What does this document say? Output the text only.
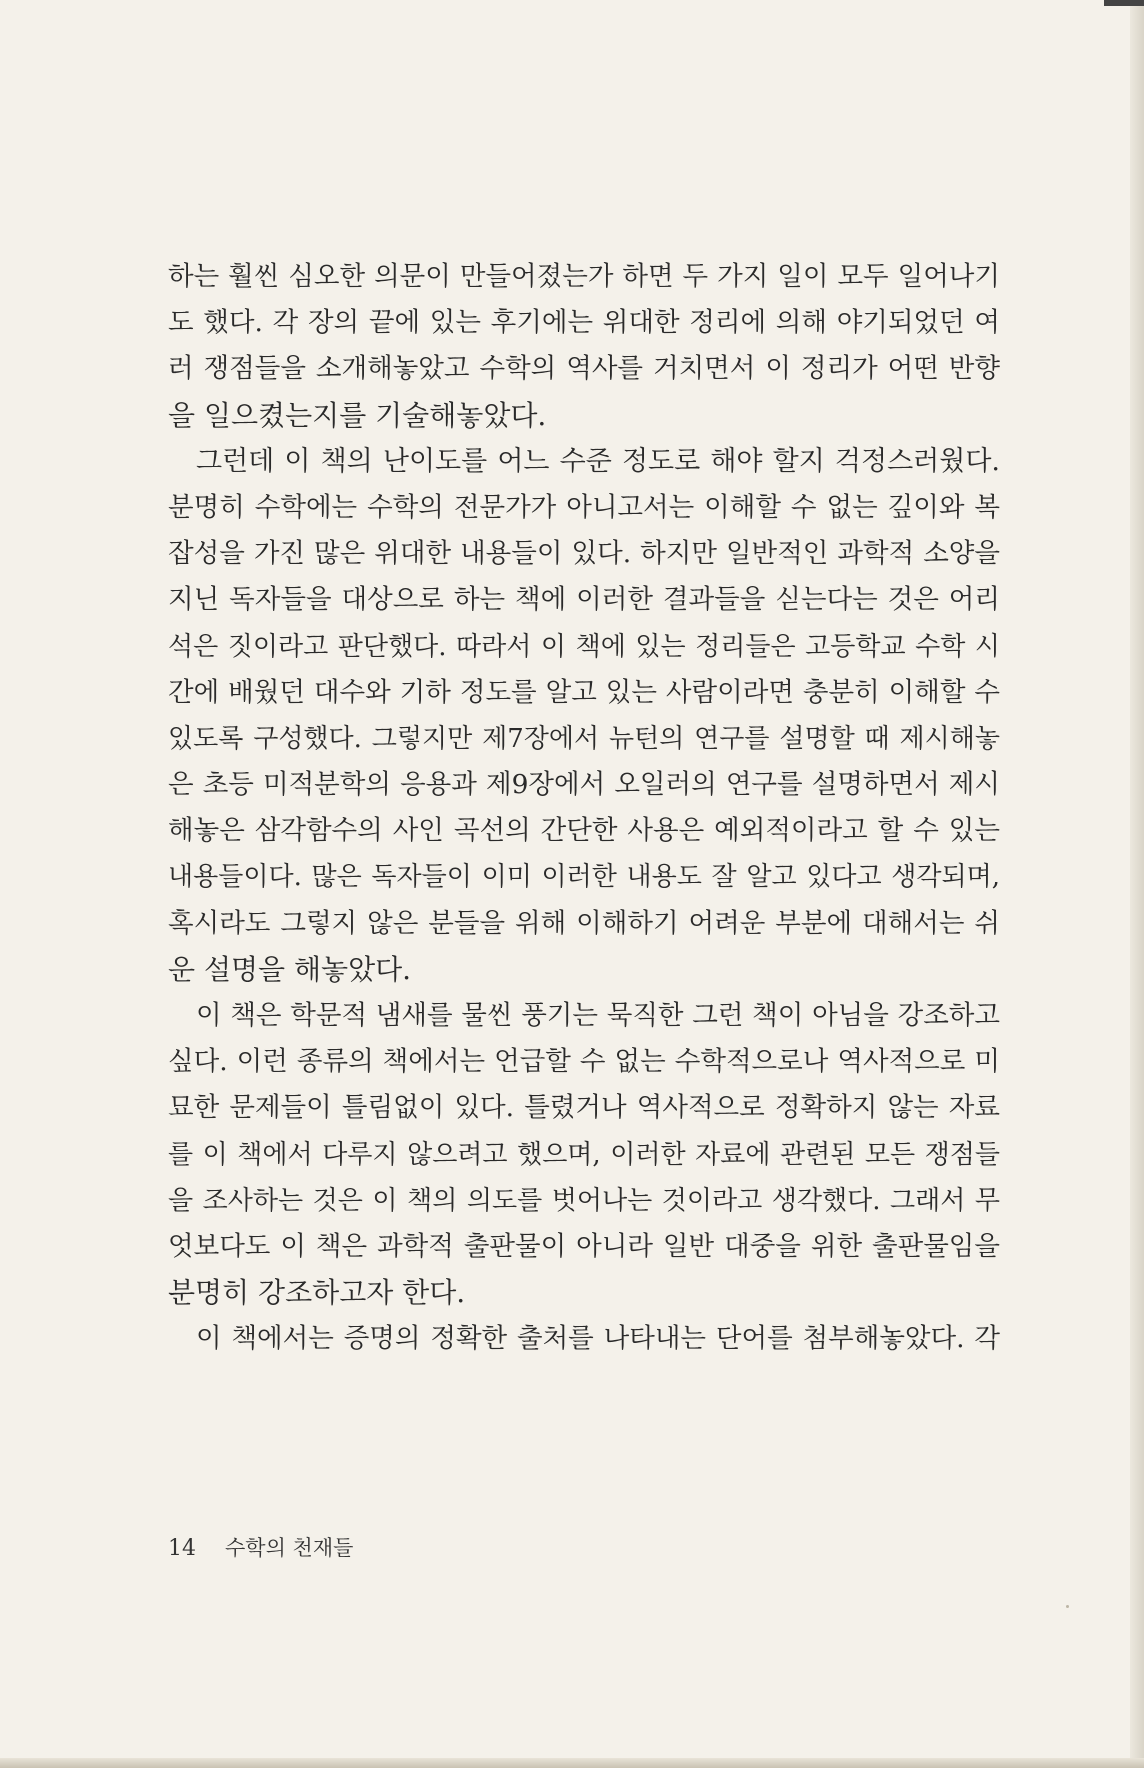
하는 훨씬 심오한 의문이 만들어졌는가 하면 두 가지 일이 모두 일어나기
도 했다. 각 장의 끝에 있는 후기에는 위대한 정리에 의해 야기되었던 여
러 쟁점들을 소개해놓았고 수학의 역사를 거치면서 이 정리가 어떤 반향
을 일으켰는지를 기술해놓았다.
그런데 이 책의 난이도를 어느 수준 정도로 해야 할지 걱정스러웠다.
분명히 수학에는 수학의 전문가가 아니고서는 이해할 수 없는 깊이와 복
잡성을 가진 많은 위대한 내용들이 있다. 하지만 일반적인 과학적 소양을
지닌 독자들을 대상으로 하는 책에 이러한 결과들을 싣는다는 것은 어리
석은 짓이라고 판단했다. 따라서 이 책에 있는 정리들은 고등학교 수학 시
간에 배웠던 대수와 기하 정도를 알고 있는 사람이라면 충분히 이해할 수
있도록 구성했다. 그렇지만 제7장에서 뉴턴의 연구를 설명할 때 제시해놓
은 초등 미적분학의 응용과 제9장에서 오일러의 연구를 설명하면서 제시
해놓은 삼각함수의 사인 곡선의 간단한 사용은 예외적이라고 할 수 있는
내용들이다. 많은 독자들이 이미 이러한 내용도 잘 알고 있다고 생각되며,
혹시라도 그렇지 않은 분들을 위해 이해하기 어려운 부분에 대해서는 쉬
운 설명을 해놓았다.
이 책은 학문적 냄새를 물씬 풍기는 묵직한 그런 책이 아님을 강조하고
싶다. 이런 종류의 책에서는 언급할 수 없는 수학적으로나 역사적으로 미
묘한 문제들이 틀림없이 있다. 틀렸거나 역사적으로 정확하지 않는 자료
를 이 책에서 다루지 않으려고 했으며, 이러한 자료에 관련된 모든 쟁점들
을 조사하는 것은 이 책의 의도를 벗어나는 것이라고 생각했다. 그래서 무
엇보다도 이 책은 과학적 출판물이 아니라 일반 대중을 위한 출판물임을
분명히 강조하고자 한다.
이 책에서는 증명의 정확한 출처를 나타내는 단어를 첨부해놓았다. 각
14 수학의 천재들
